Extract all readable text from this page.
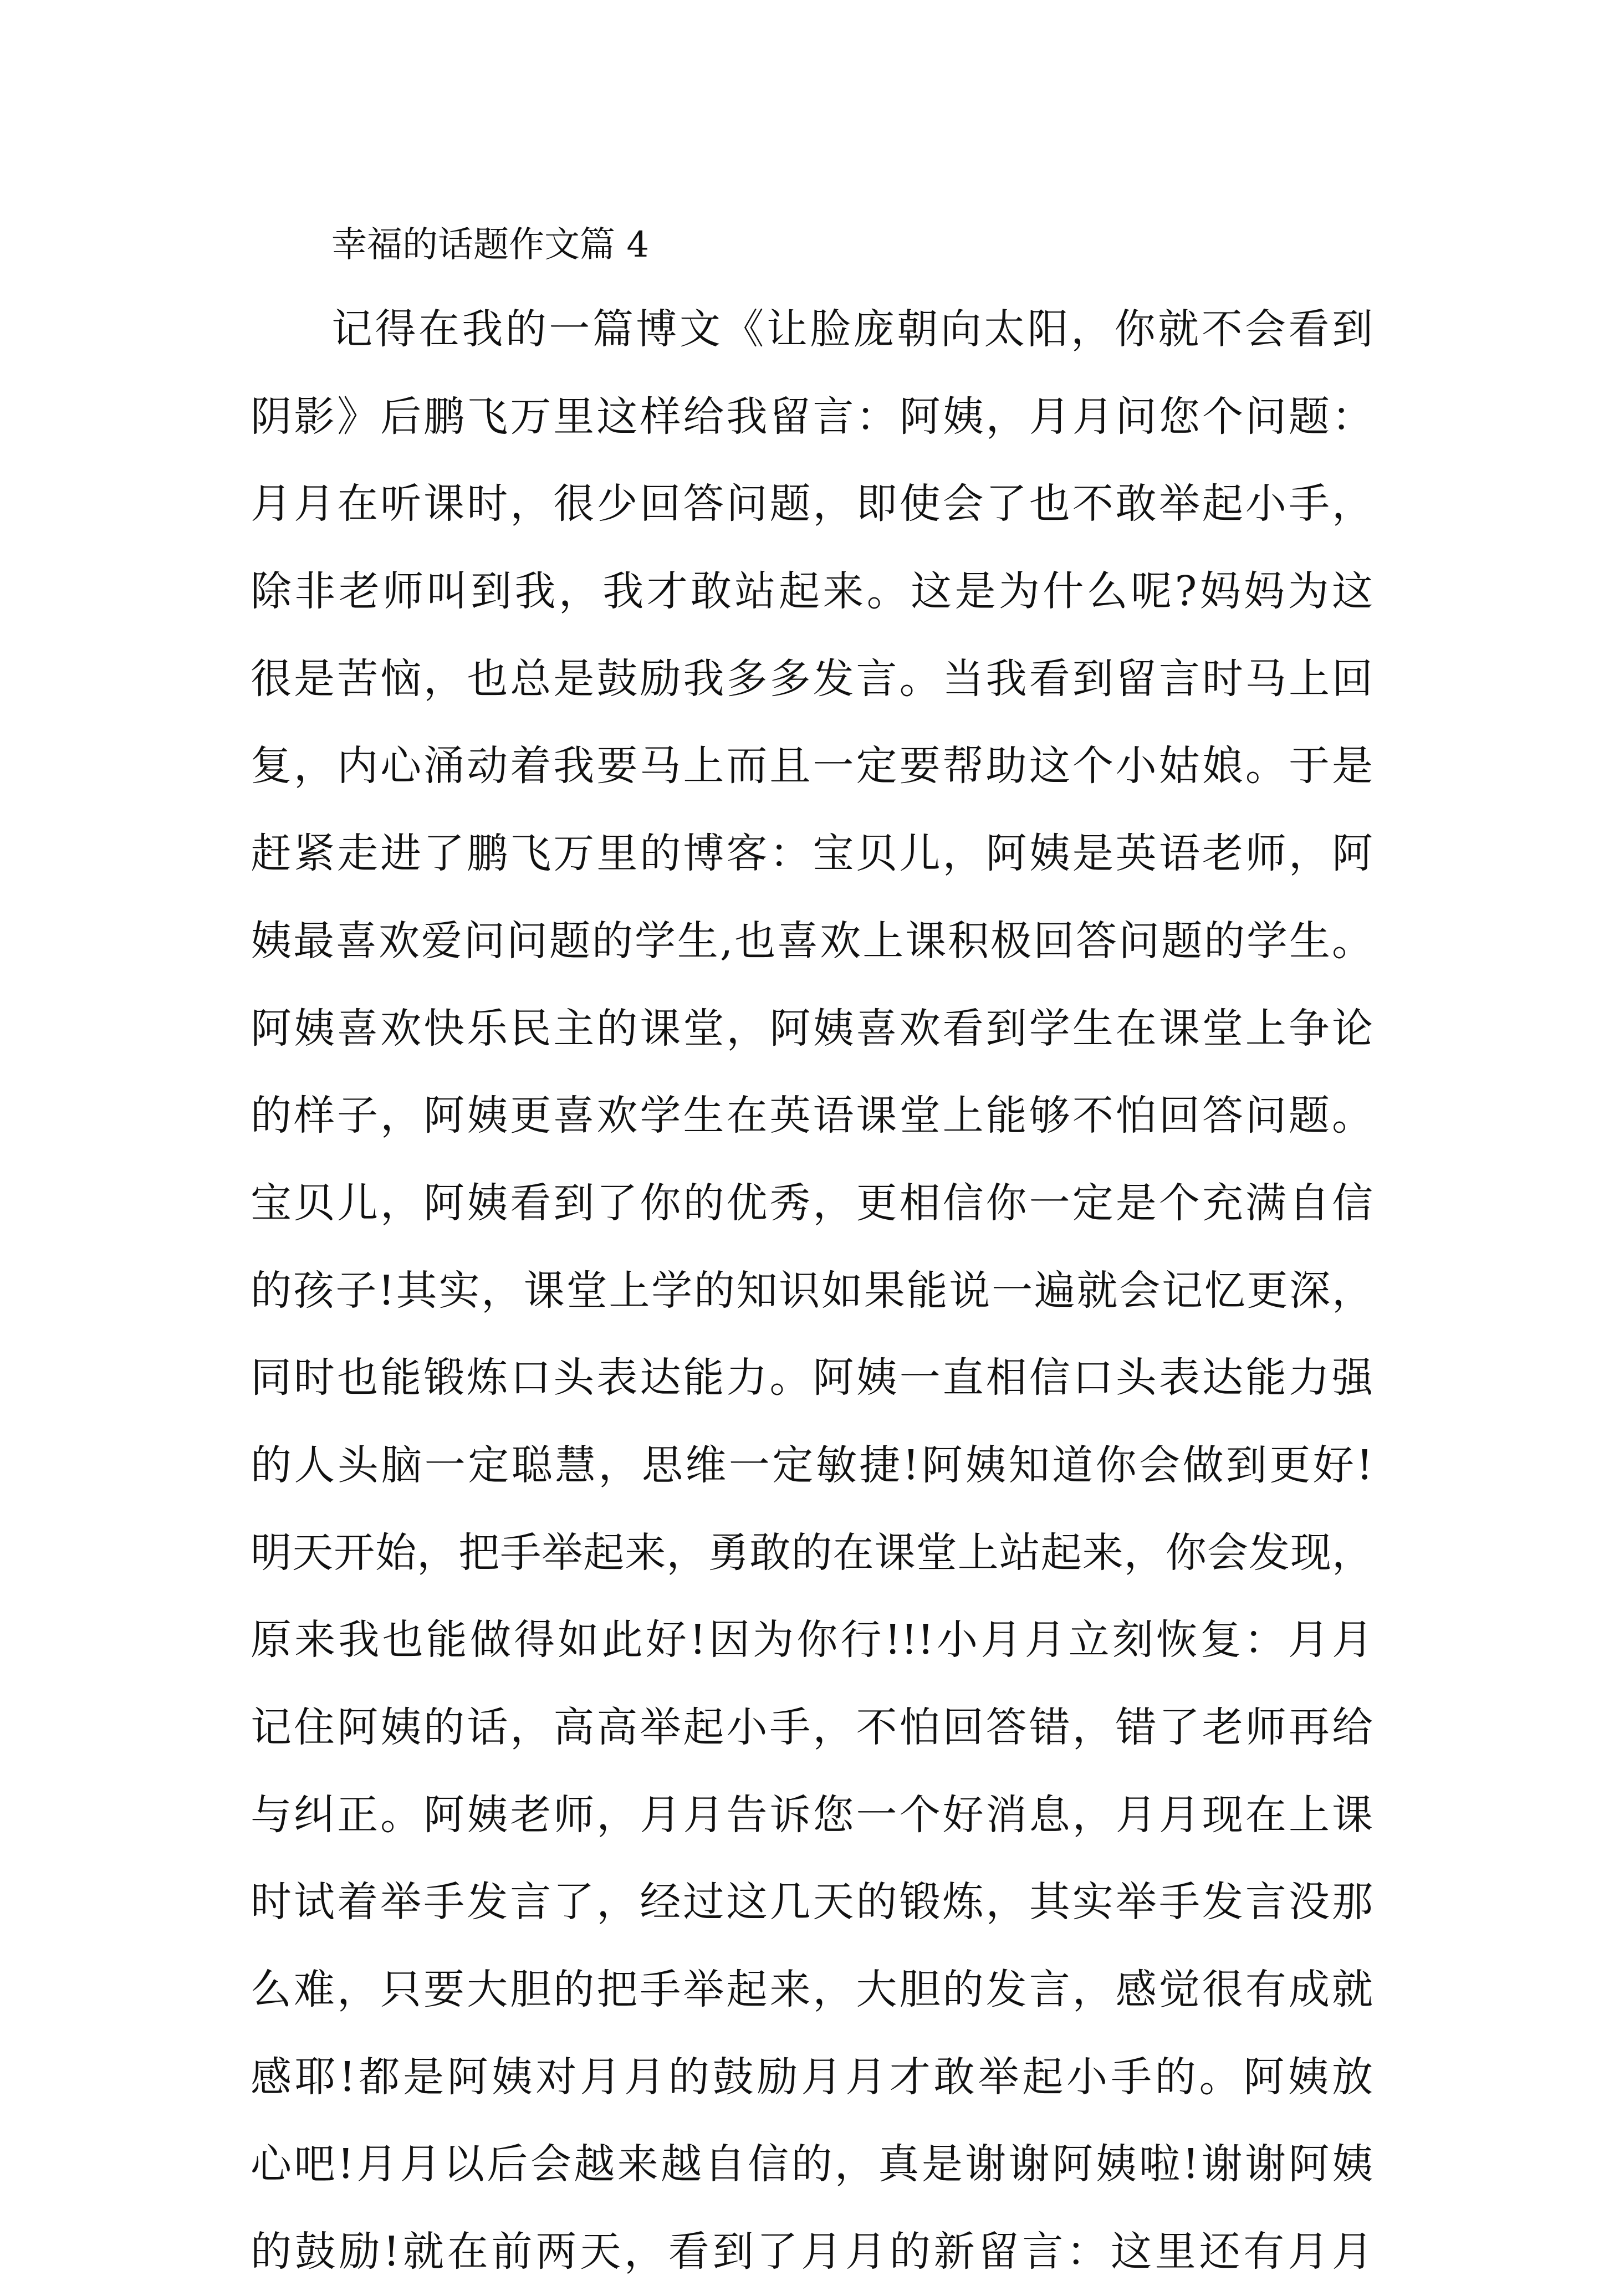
幸福的话题作文篇 4
记得在我的一篇博文《让脸庞朝向太阳，你就不会看到
阴影》后鹏飞万里这样给我留言：阿姨，月月问您个问题：
月月在听课时，很少回答问题，即使会了也不敢举起小手，
除非老师叫到我，我才敢站起来。这是为什么呢?妈妈为这
很是苦恼，也总是鼓励我多多发言。当我看到留言时马上回
复，内心涌动着我要马上而且一定要帮助这个小姑娘。于是
赶紧走进了鹏飞万里的博客：宝贝儿，阿姨是英语老师，阿
姨最喜欢爱问问题的学生,也喜欢上课积极回答问题的学生。
阿姨喜欢快乐民主的课堂，阿姨喜欢看到学生在课堂上争论
的样子，阿姨更喜欢学生在英语课堂上能够不怕回答问题。
宝贝儿，阿姨看到了你的优秀，更相信你一定是个充满自信
的孩子!其实，课堂上学的知识如果能说一遍就会记忆更深，
同时也能锻炼口头表达能力。阿姨一直相信口头表达能力强
的人头脑一定聪慧，思维一定敏捷!阿姨知道你会做到更好!
明天开始，把手举起来，勇敢的在课堂上站起来，你会发现，
原来我也能做得如此好!因为你行!!!小月月立刻恢复：月月
记住阿姨的话，高高举起小手，不怕回答错，错了老师再给
与纠正。阿姨老师，月月告诉您一个好消息，月月现在上课
时试着举手发言了，经过这几天的锻炼，其实举手发言没那
么难，只要大胆的把手举起来，大胆的发言，感觉很有成就
感耶!都是阿姨对月月的鼓励月月才敢举起小手的。阿姨放
心吧!月月以后会越来越自信的，真是谢谢阿姨啦!谢谢阿姨
的鼓励!就在前两天，看到了月月的新留言：这里还有月月
